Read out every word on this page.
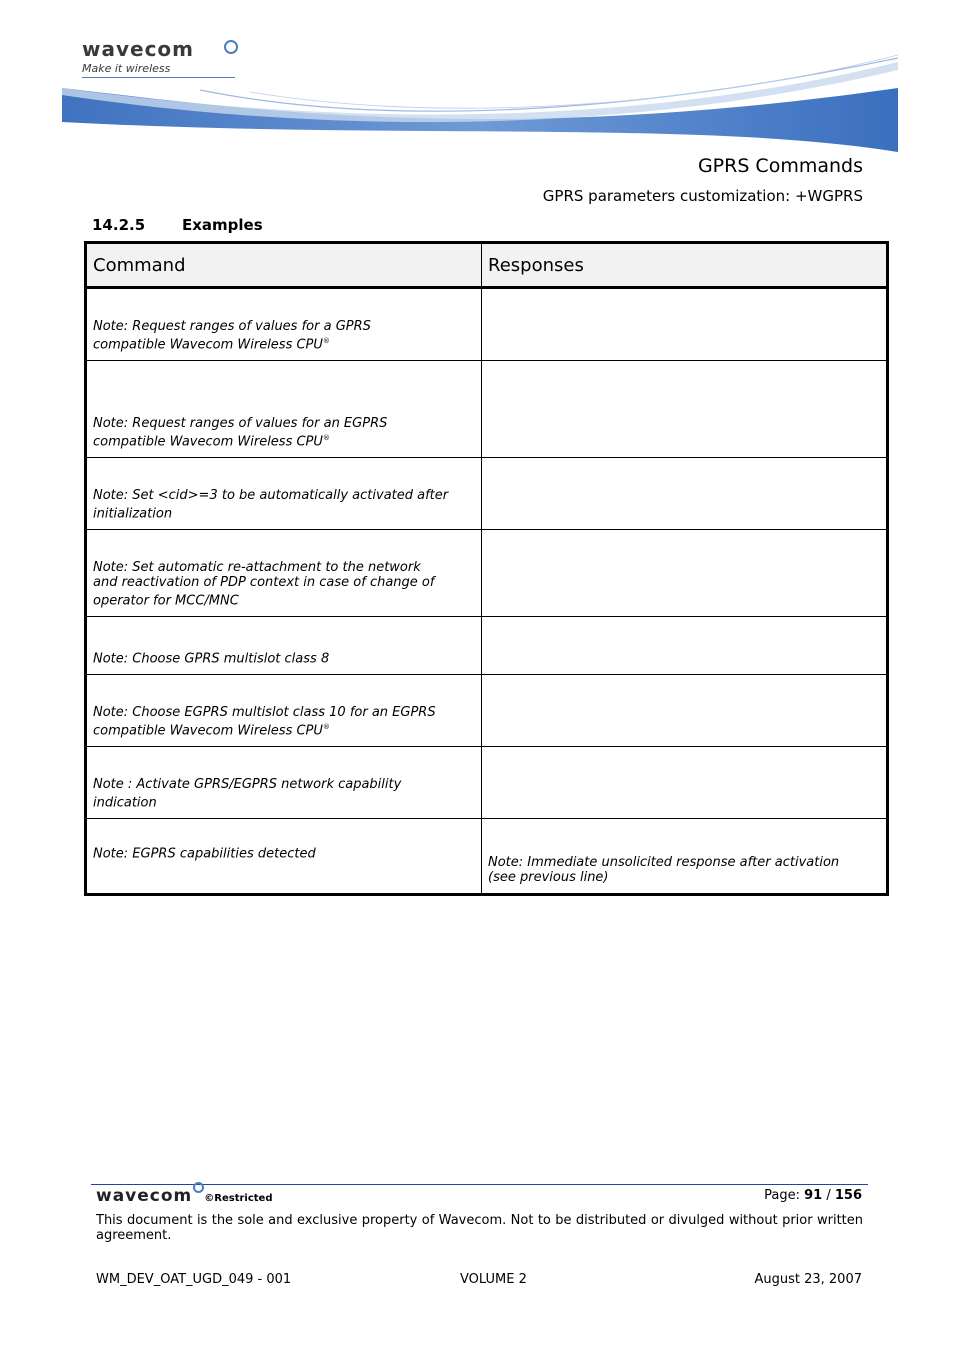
wavecom
Make it wireless
GPRS Commands
GPRS parameters customization: +WGPRS
14.2.5 Examples
Command	Responses

Note: Request ranges of values for a GPRS
compatible Wavecom Wireless CPU®

Note: Request ranges of values for an EGPRS
compatible Wavecom Wireless CPU®

Note: Set <cid>=3 to be automatically activated after
initialization	

Note: Set automatic re-attachment to the network
and reactivation of PDP context in case of change of
operator for MCC/MNC	

Note: Choose GPRS multislot class 8	

Note: Choose EGPRS multislot class 10 for an EGPRS
compatible Wavecom Wireless CPU®

Note : Activate GPRS/EGPRS network capability
indication	

Note: EGPRS capabilities detected	Note: Immediate unsolicited response after activation
(see previous line)
wavecom ©Restricted	Page: 91 / 156
This document is the sole and exclusive property of Wavecom. Not to be distributed or divulged without prior written agreement.
WM_DEV_OAT_UGD_049 - 001	VOLUME 2	August 23, 2007
